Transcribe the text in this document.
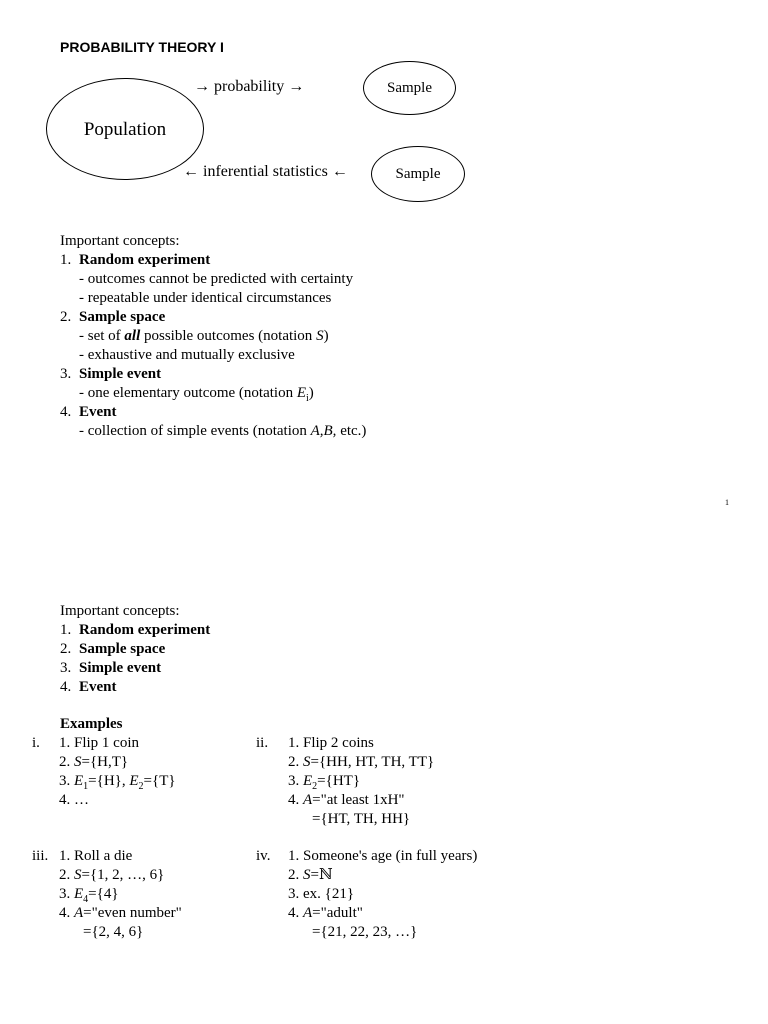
PROBABILITY THEORY I
Population
Sample
Sample
→ probability →
← inferential statistics ←
Important concepts:
1. Random experiment
- outcomes cannot be predicted with certainty
- repeatable under identical circumstances
2. Sample space
- set of all possible outcomes (notation S)
- exhaustive and mutually exclusive
3. Simple event
- one elementary outcome (notation $E_i$)
4. Event
- collection of simple events (notation A,B, etc.)
1
Important concepts:
1. Random experiment
2. Sample space
3. Simple event
4. Event
Examples
i. 1. Flip 1 coin
2. S={H,T}
3. $E_1=\{H\}$, $E_2=\{T\}$
4. …
ii. 1. Flip 2 coins
2. S={HH, HT, TH, TT}
3. $E_2=\{HT\}$
4. A="at least 1xH"
={HT, TH, HH}
iii. 1. Roll a die
2. S={1, 2, …, 6}
3. $E_4=\{4\}$
4. A="even number"
={2, 4, 6}
iv. 1. Someone's age (in full years)
2. S=ℕ
3. ex. {21}
4. A="adult"
={21, 22, 23, …}
